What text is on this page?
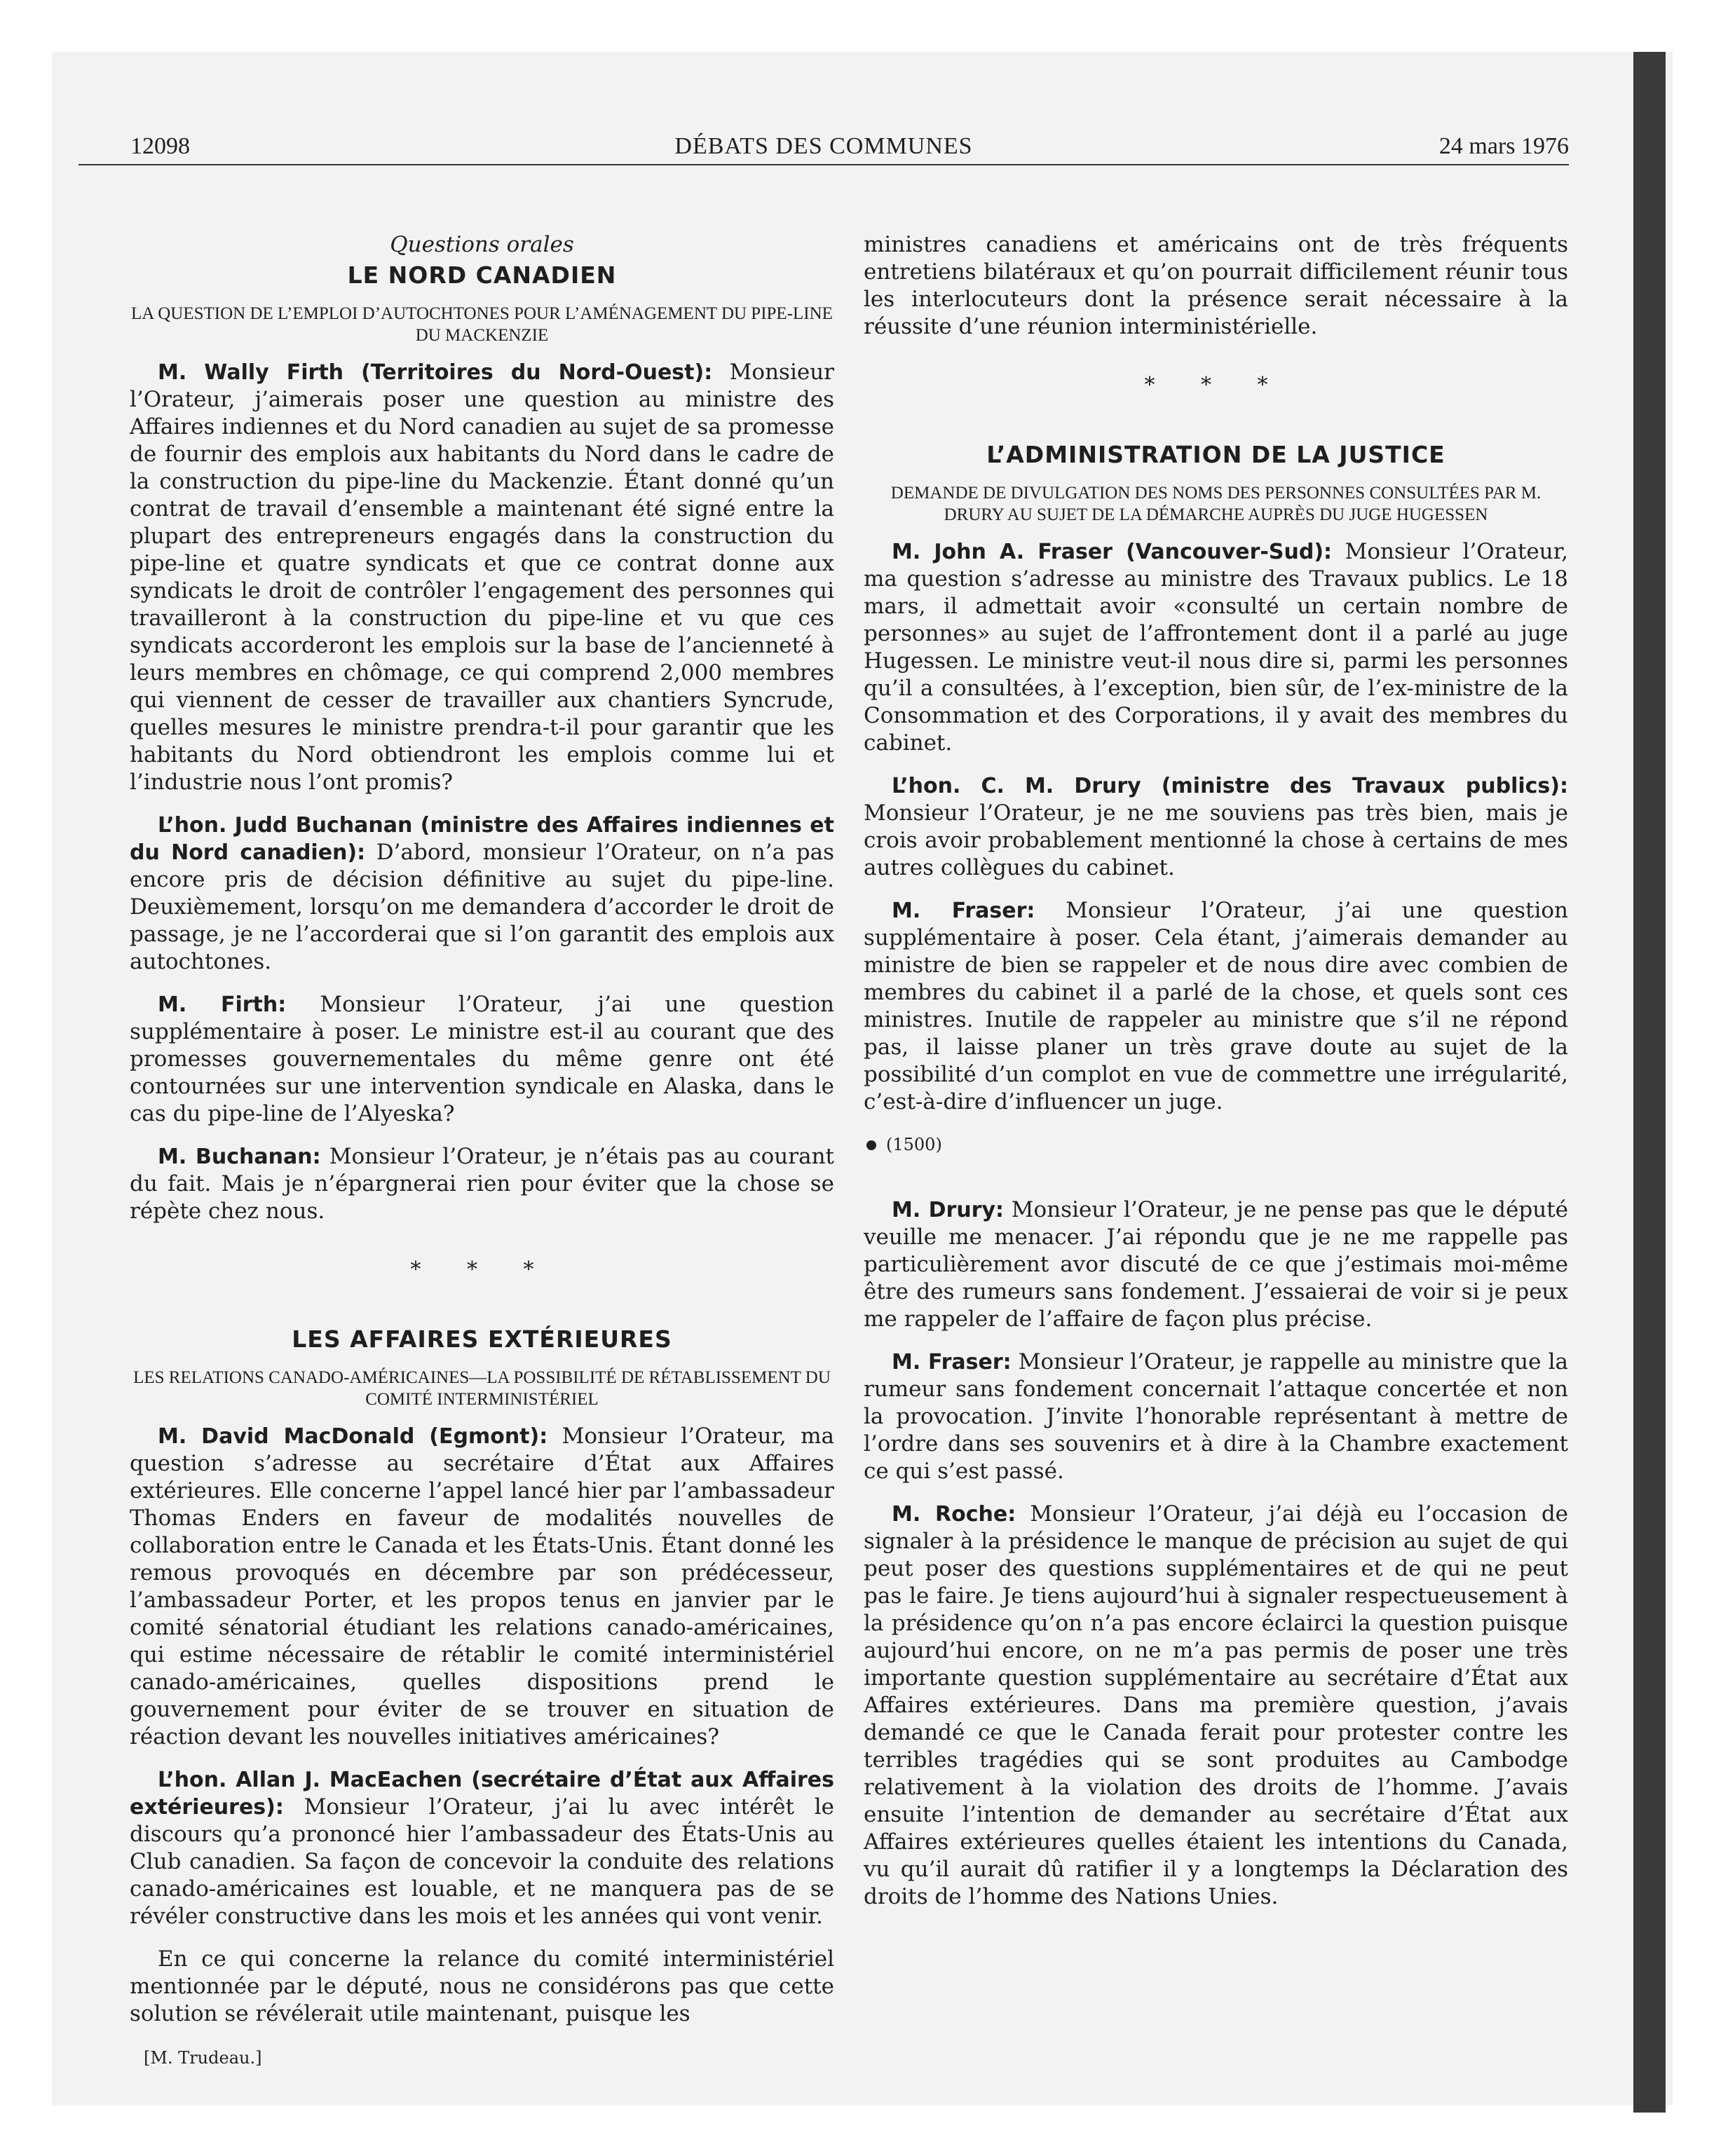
12098	DÉBATS DES COMMUNES	24 mars 1976
Questions orales
LE NORD CANADIEN
LA QUESTION DE L’EMPLOI D’AUTOCHTONES POUR L’AMÉNAGEMENT DU PIPE-LINE DU MACKENZIE

M. Wally Firth (Territoires du Nord-Ouest): Monsieur l’Orateur, j’aimerais poser une question au ministre des Affaires indiennes et du Nord canadien au sujet de sa promesse de fournir des emplois aux habitants du Nord dans le cadre de la construction du pipe-line du Mackenzie. Étant donné qu’un contrat de travail d’ensemble a maintenant été signé entre la plupart des entrepreneurs engagés dans la construction du pipe-line et quatre syndicats et que ce contrat donne aux syndicats le droit de contrôler l’engagement des personnes qui travailleront à la construction du pipe-line et vu que ces syndicats accorderont les emplois sur la base de l’ancienneté à leurs membres en chômage, ce qui comprend 2,000 membres qui viennent de cesser de travailler aux chantiers Syncrude, quelles mesures le ministre prendra-t-il pour garantir que les habitants du Nord obtiendront les emplois comme lui et l’industrie nous l’ont promis?

L’hon. Judd Buchanan (ministre des Affaires indiennes et du Nord canadien): D’abord, monsieur l’Orateur, on n’a pas encore pris de décision définitive au sujet du pipe-line. Deuxièmement, lorsqu’on me demandera d’accorder le droit de passage, je ne l’accorderai que si l’on garantit des emplois aux autochtones.

M. Firth: Monsieur l’Orateur, j’ai une question supplémentaire à poser. Le ministre est-il au courant que des promesses gouvernementales du même genre ont été contournées sur une intervention syndicale en Alaska, dans le cas du pipe-line de l’Alyeska?

M. Buchanan: Monsieur l’Orateur, je n’étais pas au courant du fait. Mais je n’épargnerai rien pour éviter que la chose se répète chez nous.

* * *
LES AFFAIRES EXTÉRIEURES
LES RELATIONS CANADO-AMÉRICAINES—LA POSSIBILITÉ DE RÉTABLISSEMENT DU COMITÉ INTERMINISTÉRIEL

M. David MacDonald (Egmont): Monsieur l’Orateur, ma question s’adresse au secrétaire d’État aux Affaires extérieures. Elle concerne l’appel lancé hier par l’ambassadeur Thomas Enders en faveur de modalités nouvelles de collaboration entre le Canada et les États-Unis. Étant donné les remous provoqués en décembre par son prédécesseur, l’ambassadeur Porter, et les propos tenus en janvier par le comité sénatorial étudiant les relations canado-américaines, qui estime nécessaire de rétablir le comité interministériel canado-américaines, quelles dispositions prend le gouvernement pour éviter de se trouver en situation de réaction devant les nouvelles initiatives américaines?

L’hon. Allan J. MacEachen (secrétaire d’État aux Affaires extérieures): Monsieur l’Orateur, j’ai lu avec intérêt le discours qu’a prononcé hier l’ambassadeur des États-Unis au Club canadien. Sa façon de concevoir la conduite des relations canado-américaines est louable, et ne manquera pas de se révéler constructive dans les mois et les années qui vont venir.

En ce qui concerne la relance du comité interministériel mentionnée par le député, nous ne considérons pas que cette solution se révélerait utile maintenant, puisque les

[M. Trudeau.]

ministres canadiens et américains ont de très fréquents entretiens bilatéraux et qu’on pourrait difficilement réunir tous les interlocuteurs dont la présence serait nécessaire à la réussite d’une réunion interministérielle.

* * *
L’ADMINISTRATION DE LA JUSTICE
DEMANDE DE DIVULGATION DES NOMS DES PERSONNES CONSULTÉES PAR M. DRURY AU SUJET DE LA DÉMARCHE AUPRÈS DU JUGE HUGESSEN

M. John A. Fraser (Vancouver-Sud): Monsieur l’Orateur, ma question s’adresse au ministre des Travaux publics. Le 18 mars, il admettait avoir «consulté un certain nombre de personnes» au sujet de l’affrontement dont il a parlé au juge Hugessen. Le ministre veut-il nous dire si, parmi les personnes qu’il a consultées, à l’exception, bien sûr, de l’ex-ministre de la Consommation et des Corporations, il y avait des membres du cabinet.

L’hon. C. M. Drury (ministre des Travaux publics): Monsieur l’Orateur, je ne me souviens pas très bien, mais je crois avoir probablement mentionné la chose à certains de mes autres collègues du cabinet.

M. Fraser: Monsieur l’Orateur, j’ai une question supplémentaire à poser. Cela étant, j’aimerais demander au ministre de bien se rappeler et de nous dire avec combien de membres du cabinet il a parlé de la chose, et quels sont ces ministres. Inutile de rappeler au ministre que s’il ne répond pas, il laisse planer un très grave doute au sujet de la possibilité d’un complot en vue de commettre une irrégularité, c’est-à-dire d’influencer un juge.

(1500)

M. Drury: Monsieur l’Orateur, je ne pense pas que le député veuille me menacer. J’ai répondu que je ne me rappelle pas particulièrement avor discuté de ce que j’estimais moi-même être des rumeurs sans fondement. J’essaierai de voir si je peux me rappeler de l’affaire de façon plus précise.

M. Fraser: Monsieur l’Orateur, je rappelle au ministre que la rumeur sans fondement concernait l’attaque concertée et non la provocation. J’invite l’honorable représentant à mettre de l’ordre dans ses souvenirs et à dire à la Chambre exactement ce qui s’est passé.

M. Roche: Monsieur l’Orateur, j’ai déjà eu l’occasion de signaler à la présidence le manque de précision au sujet de qui peut poser des questions supplémentaires et de qui ne peut pas le faire. Je tiens aujourd’hui à signaler respectueusement à la présidence qu’on n’a pas encore éclairci la question puisque aujourd’hui encore, on ne m’a pas permis de poser une très importante question supplémentaire au secrétaire d’État aux Affaires extérieures. Dans ma première question, j’avais demandé ce que le Canada ferait pour protester contre les terribles tragédies qui se sont produites au Cambodge relativement à la violation des droits de l’homme. J’avais ensuite l’intention de demander au secrétaire d’État aux Affaires extérieures quelles étaient les intentions du Canada, vu qu’il aurait dû ratifier il y a longtemps la Déclaration des droits de l’homme des Nations Unies.
